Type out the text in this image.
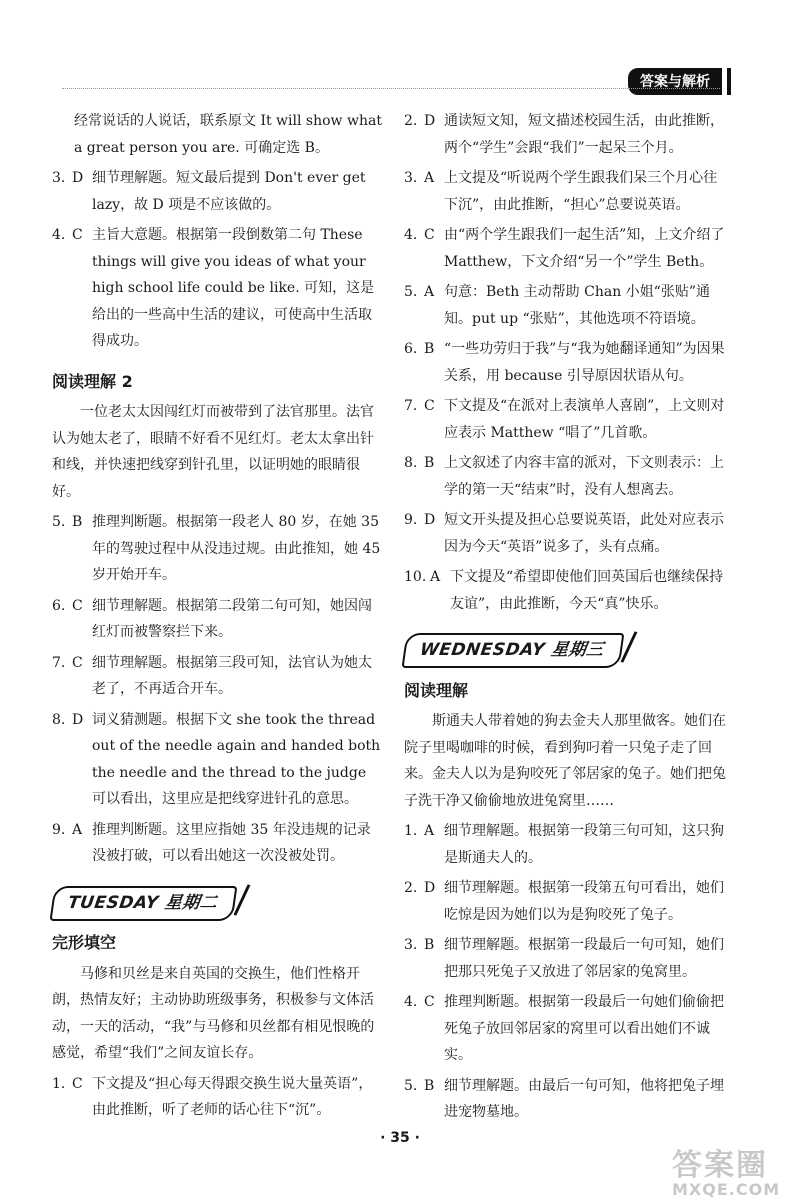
答案与解析
经常说话的人说话，联系原文 It will show what a great person you are. 可确定选 B。
3. D 细节理解题。短文最后提到 Don't ever get lazy，故 D 项是不应该做的。
4. C 主旨大意题。根据第一段倒数第二句 These things will give you ideas of what your high school life could be like. 可知，这是给出的一些高中生活的建议，可使高中生活取得成功。
阅读理解 2
一位老太太因闯红灯而被带到了法官那里。法官认为她太老了，眼睛不好看不见红灯。老太太拿出针和线，并快速把线穿到针孔里，以证明她的眼睛很好。
5. B 推理判断题。根据第一段老人 80 岁，在她 35 年的驾驶过程中从没违过规。由此推知，她 45 岁开始开车。
6. C 细节理解题。根据第二段第二句可知，她因闯红灯而被警察拦下来。
7. C 细节理解题。根据第三段可知，法官认为她太老了，不再适合开车。
8. D 词义猜测题。根据下文 she took the thread out of the needle again and handed both the needle and the thread to the judge 可以看出，这里应是把线穿进针孔的意思。
9. A 推理判断题。这里应指她 35 年没违规的记录没被打破，可以看出她这一次没被处罚。
TUESDAY 星期二
完形填空
马修和贝丝是来自英国的交换生，他们性格开朗，热情友好；主动协助班级事务，积极参与文体活动，一天的活动，“我”与马修和贝丝都有相见恨晚的感觉，希望“我们”之间友谊长存。
1. C 下文提及“担心每天得跟交换生说大量英语”，由此推断，听了老师的话心往下“沉”。
2. D 通读短文知，短文描述校园生活，由此推断，两个“学生”会跟“我们”一起呆三个月。
3. A 上文提及“听说两个学生跟我们呆三个月心往下沉”，由此推断，“担心”总要说英语。
4. C 由“两个学生跟我们一起生活”知，上文介绍了 Matthew，下文介绍“另一个”学生 Beth。
5. A 句意：Beth 主动帮助 Chan 小姐“张贴”通知。put up “张贴”，其他选项不符语境。
6. B “一些功劳归于我”与“我为她翻译通知”为因果关系，用 because 引导原因状语从句。
7. C 下文提及“在派对上表演单人喜剧”，上文则对应表示 Matthew “唱了”几首歌。
8. B 上文叙述了内容丰富的派对，下文则表示：上学的第一天“结束”时，没有人想离去。
9. D 短文开头提及担心总要说英语，此处对应表示因为今天“英语”说多了，头有点痛。
10. A 下文提及“希望即使他们回英国后也继续保持友谊”，由此推断，今天“真”快乐。
WEDNESDAY 星期三
阅读理解
斯通夫人带着她的狗去金夫人那里做客。她们在院子里喝咖啡的时候，看到狗叼着一只兔子走了回来。金夫人以为是狗咬死了邻居家的兔子。她们把兔子洗干净又偷偷地放进兔窝里……
1. A 细节理解题。根据第一段第三句可知，这只狗是斯通夫人的。
2. D 细节理解题。根据第一段第五句可看出，她们吃惊是因为她们以为是狗咬死了兔子。
3. B 细节理解题。根据第一段最后一句可知，她们把那只死兔子又放进了邻居家的兔窝里。
4. C 推理判断题。根据第一段最后一句她们偷偷把死兔子放回邻居家的窝里可以看出她们不诚实。
5. B 细节理解题。由最后一句可知，他将把兔子埋进宠物墓地。
· 35 ·
答案圈
MXQE.COM
